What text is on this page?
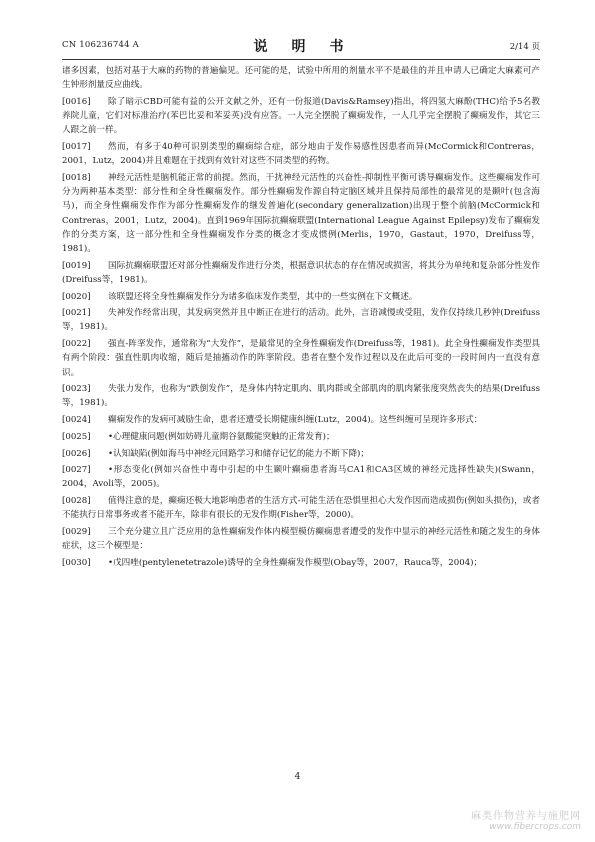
CN 106236744 A	说　明　书	2/14 页

诸多因素，包括对基于大麻的药物的普遍偏见。还可能的是，试验中所用的剂量水平不是最佳的并且申请人已确定大麻素可产生钟形剂量反应曲线。

[0016]	除了暗示CBD可能有益的公开文献之外，还有一份报道(Davis&Ramsey)指出，将四氢大麻酚(THC)给予5名教养院儿童，它们对标准治疗(苯巴比妥和苯妥英)没有应答。一人完全摆脱了癫痫发作，一人几乎完全摆脱了癫痫发作，其它三人跟之前一样。

[0017]	然而，有多于40种可识别类型的癫痫综合症，部分地由于发作易感性因患者而异(McCormick和Contreras，2001，Lutz，2004)并且难题在于找到有效针对这些不同类型的药物。

[0018]	神经元活性是脑机能正常的前提。然而，干扰神经元活性的兴奋性-抑制性平衡可诱导癫痫发作。这些癫痫发作可分为两种基本类型：部分性和全身性癫痫发作。部分性癫痫发作源自特定脑区域并且保持局部性的最常见的是颞叶(包含海马)，而全身性癫痫发作作为部分性癫痫发作的继发普遍化(secondary generalization)出现于整个前脑(McCormick和Contreras，2001，Lutz，2004)。直到1969年国际抗癫痫联盟(International League Against Epilepsy)发布了癫痫发作的分类方案，这一部分性和全身性癫痫发作分类的概念才变成惯例(Merlis，1970，Gastaut，1970，Dreifuss等，1981)。

[0019]	国际抗癫痫联盟还对部分性癫痫发作进行分类，根据意识状态的存在情况或损害，将其分为单纯和复杂部分性发作(Dreifuss等，1981)。

[0020]	该联盟还将全身性癫痫发作分为诸多临床发作类型，其中的一些实例在下文概述。

[0021]	失神发作经常出现，其发病突然并且中断正在进行的活动。此外，言语减慢或受阻，发作仅持续几秒钟(Dreifuss等，1981)。

[0022]	强直-阵挛发作，通常称为“大发作”，是最常见的全身性癫痫发作(Dreifuss等，1981)。此全身性癫痫发作类型具有两个阶段：强直性肌肉收缩，随后是抽搐动作的阵挛阶段。患者在整个发作过程以及在此后可变的一段时间内一直没有意识。

[0023]	失张力发作，也称为“跌倒发作”，是身体内特定肌肉、肌肉群或全部肌肉的肌肉紧张度突然丧失的结果(Dreifuss等，1981)。

[0024]	癫痫发作的发病可减励生命，患者还遭受长期健康纠缠(Lutz，2004)。这些纠缠可呈现许多形式：

[0025]	•心理健康问题(例如妨碍儿童期谷氨酸能突触的正常发育)；

[0026]	•认知缺陷(例如海马中神经元回路学习和储存记忆的能力不断下降)；

[0027]	•形态变化(例如兴奋性中毒中引起的中生颞叶癫痫患者海马CA1和CA3区域的神经元选择性缺失)(Swann，2004，Avoli等，2005)。

[0028]	值得注意的是，癫痫还极大地影响患者的生活方式-可能生活在恐惧里担心大发作因而造成损伤(例如头损伤)，或者不能执行日常事务或者不能开车，除非有很长的无发作期(Fisher等，2000)。

[0029]	三个充分建立且广泛应用的急性癫痫发作体内模型模仿癫痫患者遭受的发作中显示的神经元活性和随之发生的身体症状，这三个模型是：

[0030]	•戊四唑(pentylenetetrazole)诱导的全身性癫痫发作模型(Obay等，2007，Rauca等，2004)；

4
麻类作物营养与施肥网
www.fibercrops.com
